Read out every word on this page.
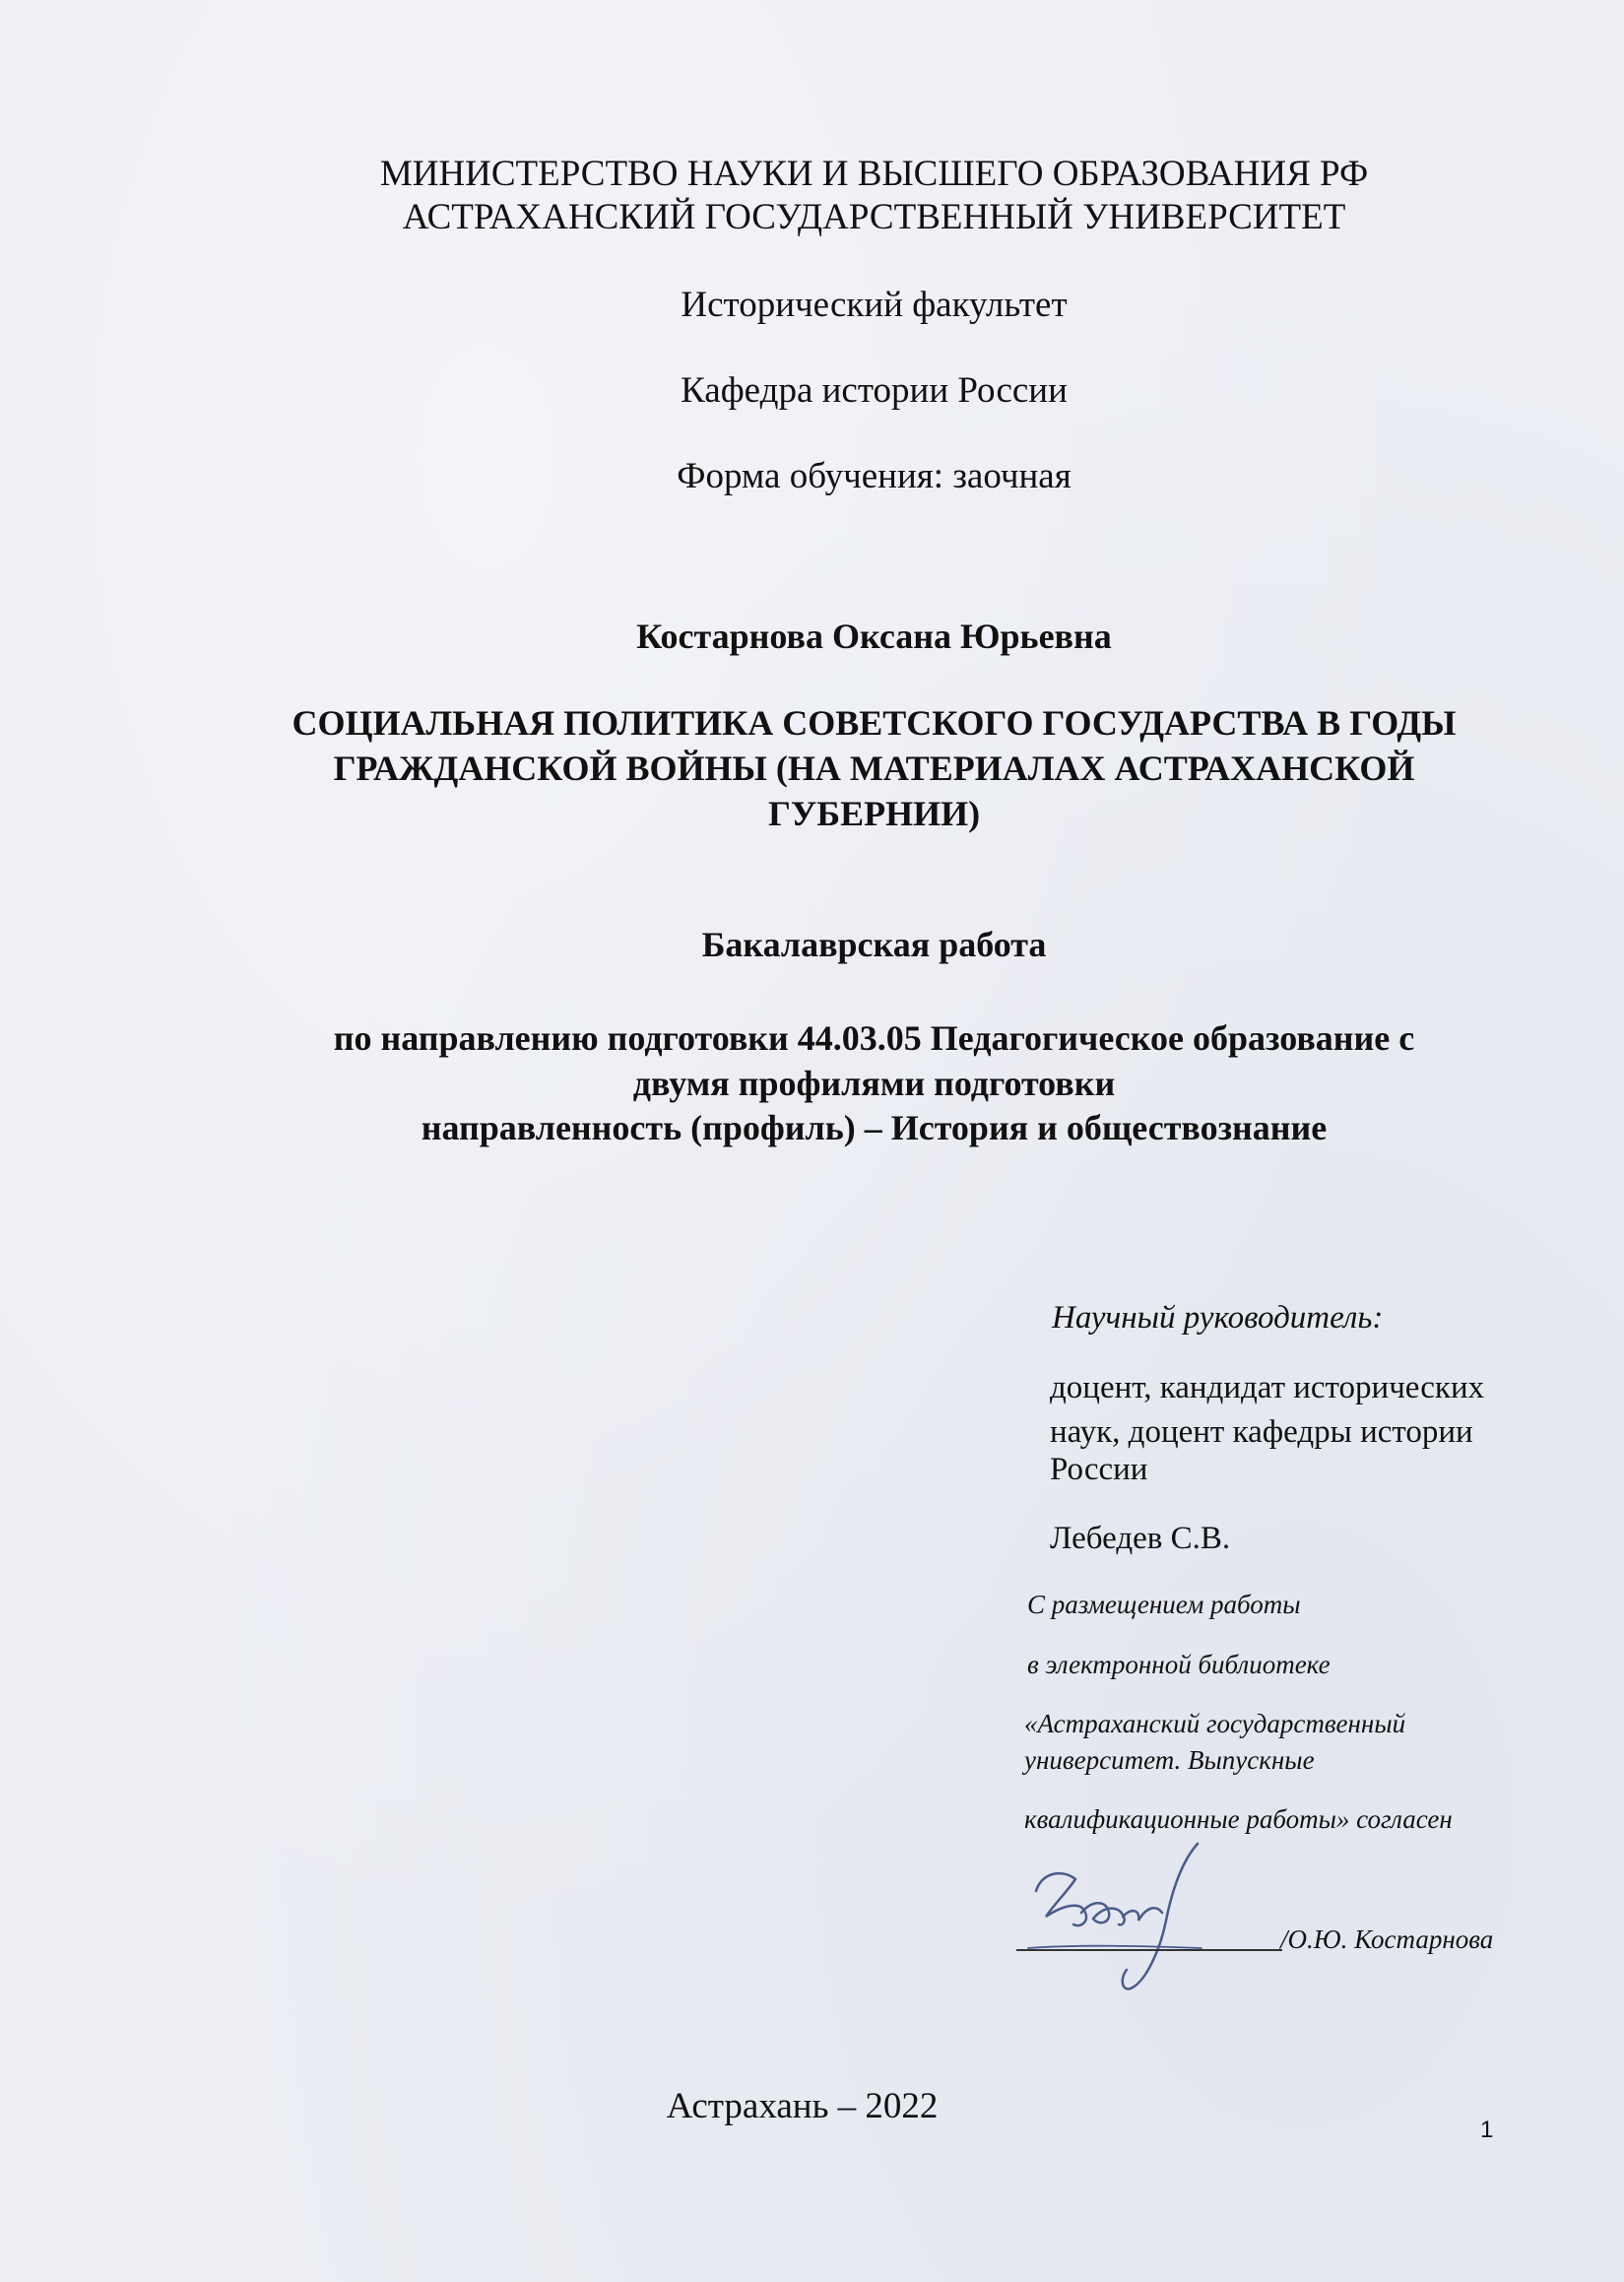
МИНИСТЕРСТВО НАУКИ И ВЫСШЕГО ОБРАЗОВАНИЯ РФ
АСТРАХАНСКИЙ ГОСУДАРСТВЕННЫЙ УНИВЕРСИТЕТ
Исторический факультет
Кафедра истории России
Форма обучения: заочная
Костарнова Оксана Юрьевна
СОЦИАЛЬНАЯ ПОЛИТИКА СОВЕТСКОГО ГОСУДАРСТВА В ГОДЫ
ГРАЖДАНСКОЙ ВОЙНЫ (НА МАТЕРИАЛАХ АСТРАХАНСКОЙ
ГУБЕРНИИ)
Бакалаврская работа
по направлению подготовки 44.03.05 Педагогическое образование с
двумя профилями подготовки
направленность (профиль) – История и обществознание
Научный руководитель:
доцент, кандидат исторических
наук, доцент кафедры истории
России
Лебедев С.В.
С размещением работы
в электронной библиотеке
«Астраханский государственный
университет. Выпускные
квалификационные работы» согласен
/О.Ю. Костарнова
Астрахань – 2022
1
